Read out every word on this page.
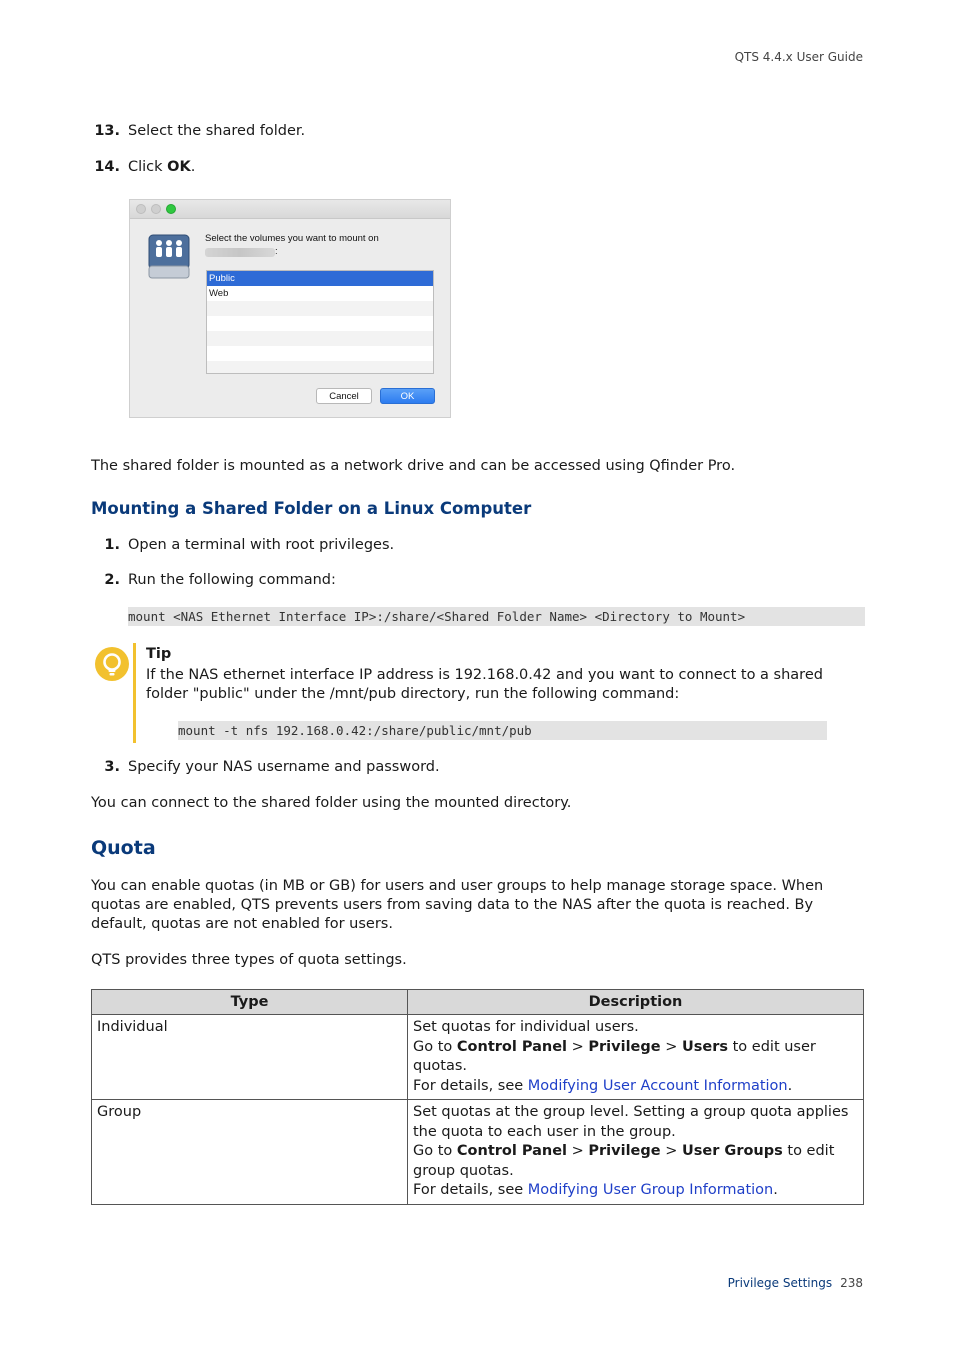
QTS 4.4.x User Guide
13. Select the shared folder.
14. Click OK.
Select the volumes you want to mount on
:
Public
Web
Cancel	OK
The shared folder is mounted as a network drive and can be accessed using Qfinder Pro.
Mounting a Shared Folder on a Linux Computer
1. Open a terminal with root privileges.
2. Run the following command:
mount <NAS Ethernet Interface IP>:/share/<Shared Folder Name> <Directory to Mount>
Tip
If the NAS ethernet interface IP address is 192.168.0.42 and you want to connect to a shared folder "public" under the /mnt/pub directory, run the following command:
mount -t nfs 192.168.0.42:/share/public/mnt/pub
3. Specify your NAS username and password.
You can connect to the shared folder using the mounted directory.
Quota
You can enable quotas (in MB or GB) for users and user groups to help manage storage space. When quotas are enabled, QTS prevents users from saving data to the NAS after the quota is reached. By default, quotas are not enabled for users.
QTS provides three types of quota settings.
Type	Description
Individual	Set quotas for individual users.
Go to Control Panel > Privilege > Users to edit user quotas.
For details, see Modifying User Account Information.

Group	Set quotas at the group level. Setting a group quota applies the quota to each user in the group.
Go to Control Panel > Privilege > User Groups to edit group quotas.
For details, see Modifying User Group Information.
Privilege Settings 238
